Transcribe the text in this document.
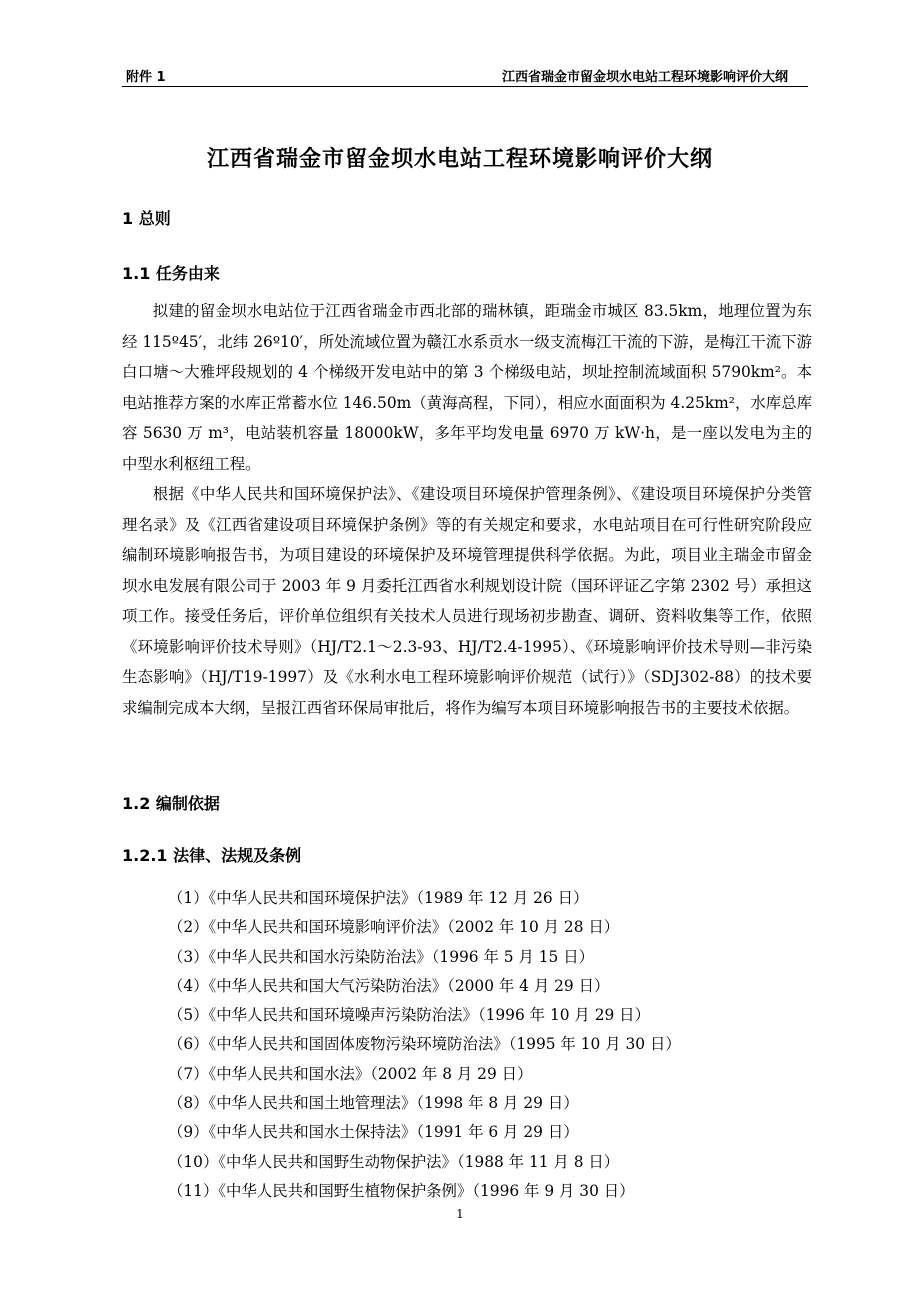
附件 1	江西省瑞金市留金坝水电站工程环境影响评价大纲
江西省瑞金市留金坝水电站工程环境影响评价大纲
1 总则
1.1 任务由来

拟建的留金坝水电站位于江西省瑞金市西北部的瑞林镇，距瑞金市城区 83.5km，地理位置为东经 115º45′，北纬 26º10′，所处流域位置为赣江水系贡水一级支流梅江干流的下游，是梅江干流下游白口塘～大雅坪段规划的 4 个梯级开发电站中的第 3 个梯级电站，坝址控制流域面积 5790km²。本电站推荐方案的水库正常蓄水位 146.50m（黄海高程，下同），相应水面面积为 4.25km²，水库总库容 5630 万 m³，电站装机容量 18000kW，多年平均发电量 6970 万 kW·h，是一座以发电为主的中型水利枢纽工程。

根据《中华人民共和国环境保护法》、《建设项目环境保护管理条例》、《建设项目环境保护分类管理名录》及《江西省建设项目环境保护条例》等的有关规定和要求，水电站项目在可行性研究阶段应编制环境影响报告书，为项目建设的环境保护及环境管理提供科学依据。为此，项目业主瑞金市留金坝水电发展有限公司于 2003 年 9 月委托江西省水利规划设计院（国环评证乙字第 2302 号）承担这项工作。接受任务后，评价单位组织有关技术人员进行现场初步勘查、调研、资料收集等工作，依照《环境影响评价技术导则》（HJ/T2.1～2.3-93、HJ/T2.4-1995）、《环境影响评价技术导则—非污染生态影响》（HJ/T19-1997）及《水利水电工程环境影响评价规范（试行）》（SDJ302-88）的技术要求编制完成本大纲，呈报江西省环保局审批后，将作为编写本项目环境影响报告书的主要技术依据。

1.2 编制依据
1.2.1 法律、法规及条例
（1）《中华人民共和国环境保护法》（1989 年 12 月 26 日）
（2）《中华人民共和国环境影响评价法》（2002 年 10 月 28 日）
（3）《中华人民共和国水污染防治法》（1996 年 5 月 15 日）
（4）《中华人民共和国大气污染防治法》（2000 年 4 月 29 日）
（5）《中华人民共和国环境噪声污染防治法》（1996 年 10 月 29 日）
（6）《中华人民共和国固体废物污染环境防治法》（1995 年 10 月 30 日）
（7）《中华人民共和国水法》（2002 年 8 月 29 日）
（8）《中华人民共和国土地管理法》（1998 年 8 月 29 日）
（9）《中华人民共和国水土保持法》（1991 年 6 月 29 日）
（10）《中华人民共和国野生动物保护法》（1988 年 11 月 8 日）
（11）《中华人民共和国野生植物保护条例》（1996 年 9 月 30 日）
1
